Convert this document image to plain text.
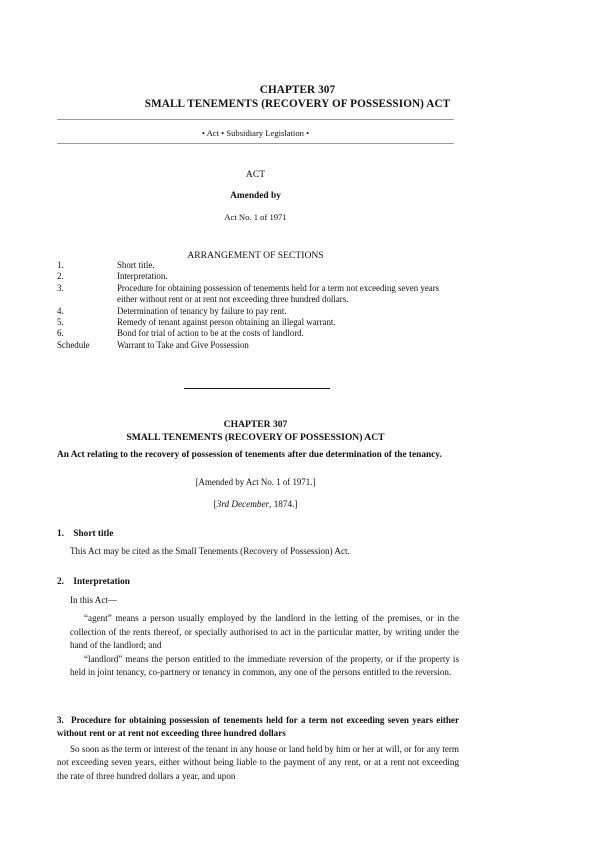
CHAPTER 307
SMALL TENEMENTS (RECOVERY OF POSSESSION) ACT
• Act • Subsidiary Legislation •
ACT
Amended by
Act No. 1 of 1971
ARRANGEMENT OF SECTIONS
1.	Short title.
2.	Interpretation.
3.	Procedure for obtaining possession of tenements held for a term not exceeding seven years either without rent or at rent not exceeding three hundred dollars.
4.	Determination of tenancy by failure to pay rent.
5.	Remedy of tenant against person obtaining an illegal warrant.
6.	Bond for trial of action to be at the costs of landlord.
Schedule	Warrant to Take and Give Possession
CHAPTER 307
SMALL TENEMENTS (RECOVERY OF POSSESSION) ACT
An Act relating to the recovery of possession of tenements after due determination of the tenancy.
[Amended by Act No. 1 of 1971.]
[3rd December, 1874.]
1. Short title

This Act may be cited as the Small Tenements (Recovery of Possession) Act.

2. Interpretation

In this Act—

“agent” means a person usually employed by the landlord in the letting of the premises, or in the collection of the rents thereof, or specially authorised to act in the particular matter, by writing under the hand of the landlord; and

“landlord” means the person entitled to the immediate reversion of the property, or if the property is held in joint tenancy, co-partnery or tenancy in common, any one of the persons entitled to the reversion.

3. Procedure for obtaining possession of tenements held for a term not exceeding seven years either without rent or at rent not exceeding three hundred dollars
So soon as the term or interest of the tenant in any house or land held by him or her at will, or for any term not exceeding seven years, either without being liable to the payment of any rent, or at a rent not exceeding the rate of three hundred dollars a year, and upon
